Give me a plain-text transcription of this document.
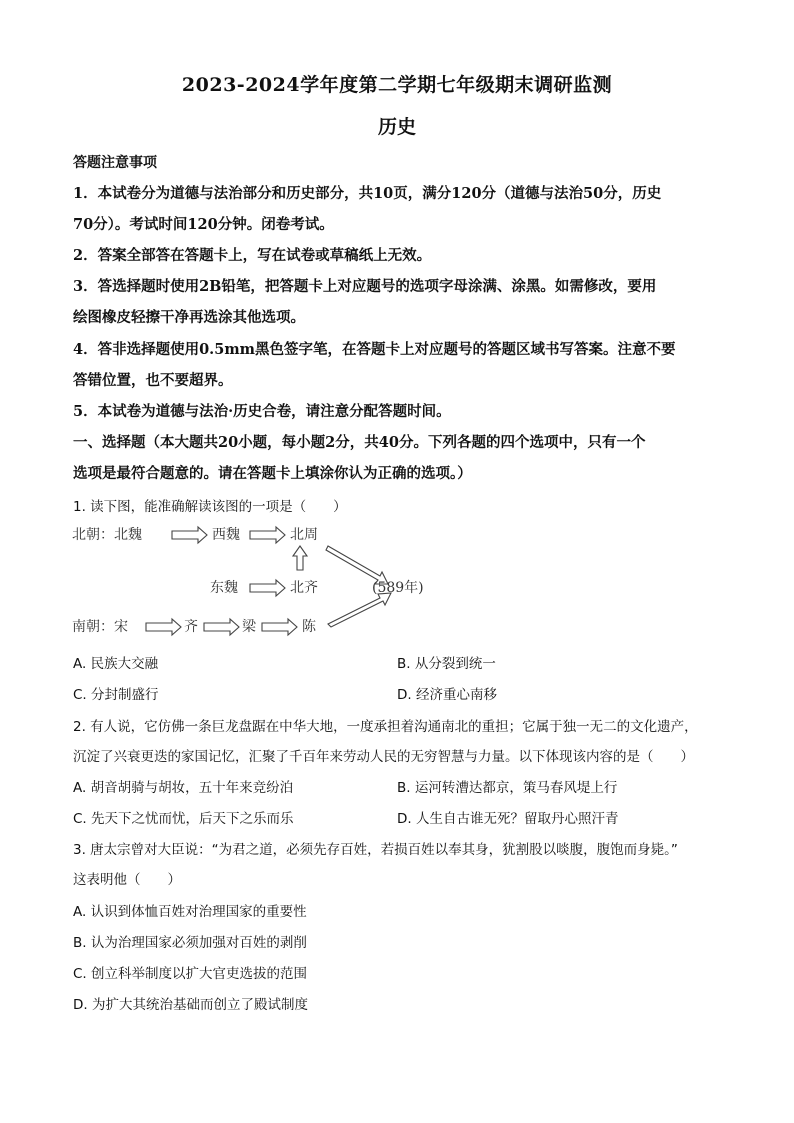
2023-2024学年度第二学期七年级期末调研监测
历史
答题注意事项
1．本试卷分为道德与法治部分和历史部分，共10页，满分120分（道德与法治50分，历史
70分）。考试时间120分钟。闭卷考试。
2．答案全部答在答题卡上，写在试卷或草稿纸上无效。
3．答选择题时使用2B铅笔，把答题卡上对应题号的选项字母涂满、涂黑。如需修改，要用
绘图橡皮轻擦干净再选涂其他选项。
4．答非选择题使用0.5mm黑色签字笔，在答题卡上对应题号的答题区域书写答案。注意不要
答错位置，也不要超界。
5．本试卷为道德与法治·历史合卷，请注意分配答题时间。
一、选择题（本大题共20小题，每小题2分，共40分。下列各题的四个选项中，只有一个
选项是最符合题意的。请在答题卡上填涂你认为正确的选项。）
1. 读下图，能准确解读该图的一项是（　　）
北朝：北魏	西魏	北周
东魏	北齐	(589年)
南朝：宋	齐	梁	陈
A. 民族大交融	B. 从分裂到统一
C. 分封制盛行	D. 经济重心南移
2. 有人说，它仿佛一条巨龙盘踞在中华大地，一度承担着沟通南北的重担；它属于独一无二的文化遗产，
沉淀了兴衰更迭的家国记忆，汇聚了千百年来劳动人民的无穷智慧与力量。以下体现该内容的是（　　）
A. 胡音胡骑与胡妆，五十年来竞纷泊	B. 运河转漕达都京，策马春风堤上行
C. 先天下之忧而忧，后天下之乐而乐	D. 人生自古谁无死？留取丹心照汗青
3. 唐太宗曾对大臣说：“为君之道，必须先存百姓，若损百姓以奉其身，犹割股以啖腹，腹饱而身毙。”
这表明他（　　）
A. 认识到体恤百姓对治理国家的重要性
B. 认为治理国家必须加强对百姓的剥削
C. 创立科举制度以扩大官吏选拔的范围
D. 为扩大其统治基础而创立了殿试制度
